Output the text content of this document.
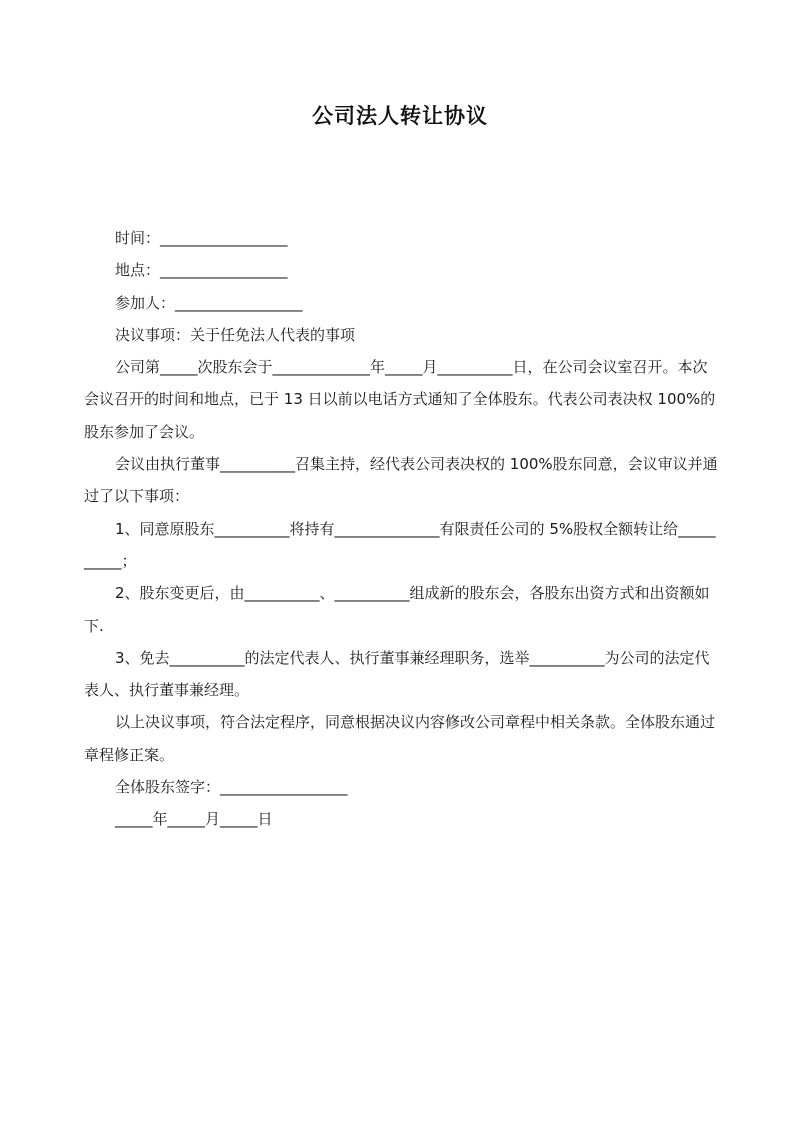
公司法人转让协议

时间：_________________

地点：_________________

参加人：_________________

决议事项：关于任免法人代表的事项

公司第_____次股东会于_____________年_____月__________日，在公司会议室召开。本次会议召开的时间和地点，已于 13 日以前以电话方式通知了全体股东。代表公司表决权 100%的股东参加了会议。

会议由执行董事__________召集主持，经代表公司表决权的 100%股东同意，会议审议并通过了以下事项：

1、同意原股东__________将持有______________有限责任公司的 5%股权全额转让给__________；

2、股东变更后，由__________、__________组成新的股东会，各股东出资方式和出资额如下.

3、免去__________的法定代表人、执行董事兼经理职务，选举__________为公司的法定代表人、执行董事兼经理。

以上决议事项，符合法定程序，同意根据决议内容修改公司章程中相关条款。全体股东通过章程修正案。

全体股东签字：_________________

_____年_____月_____日
